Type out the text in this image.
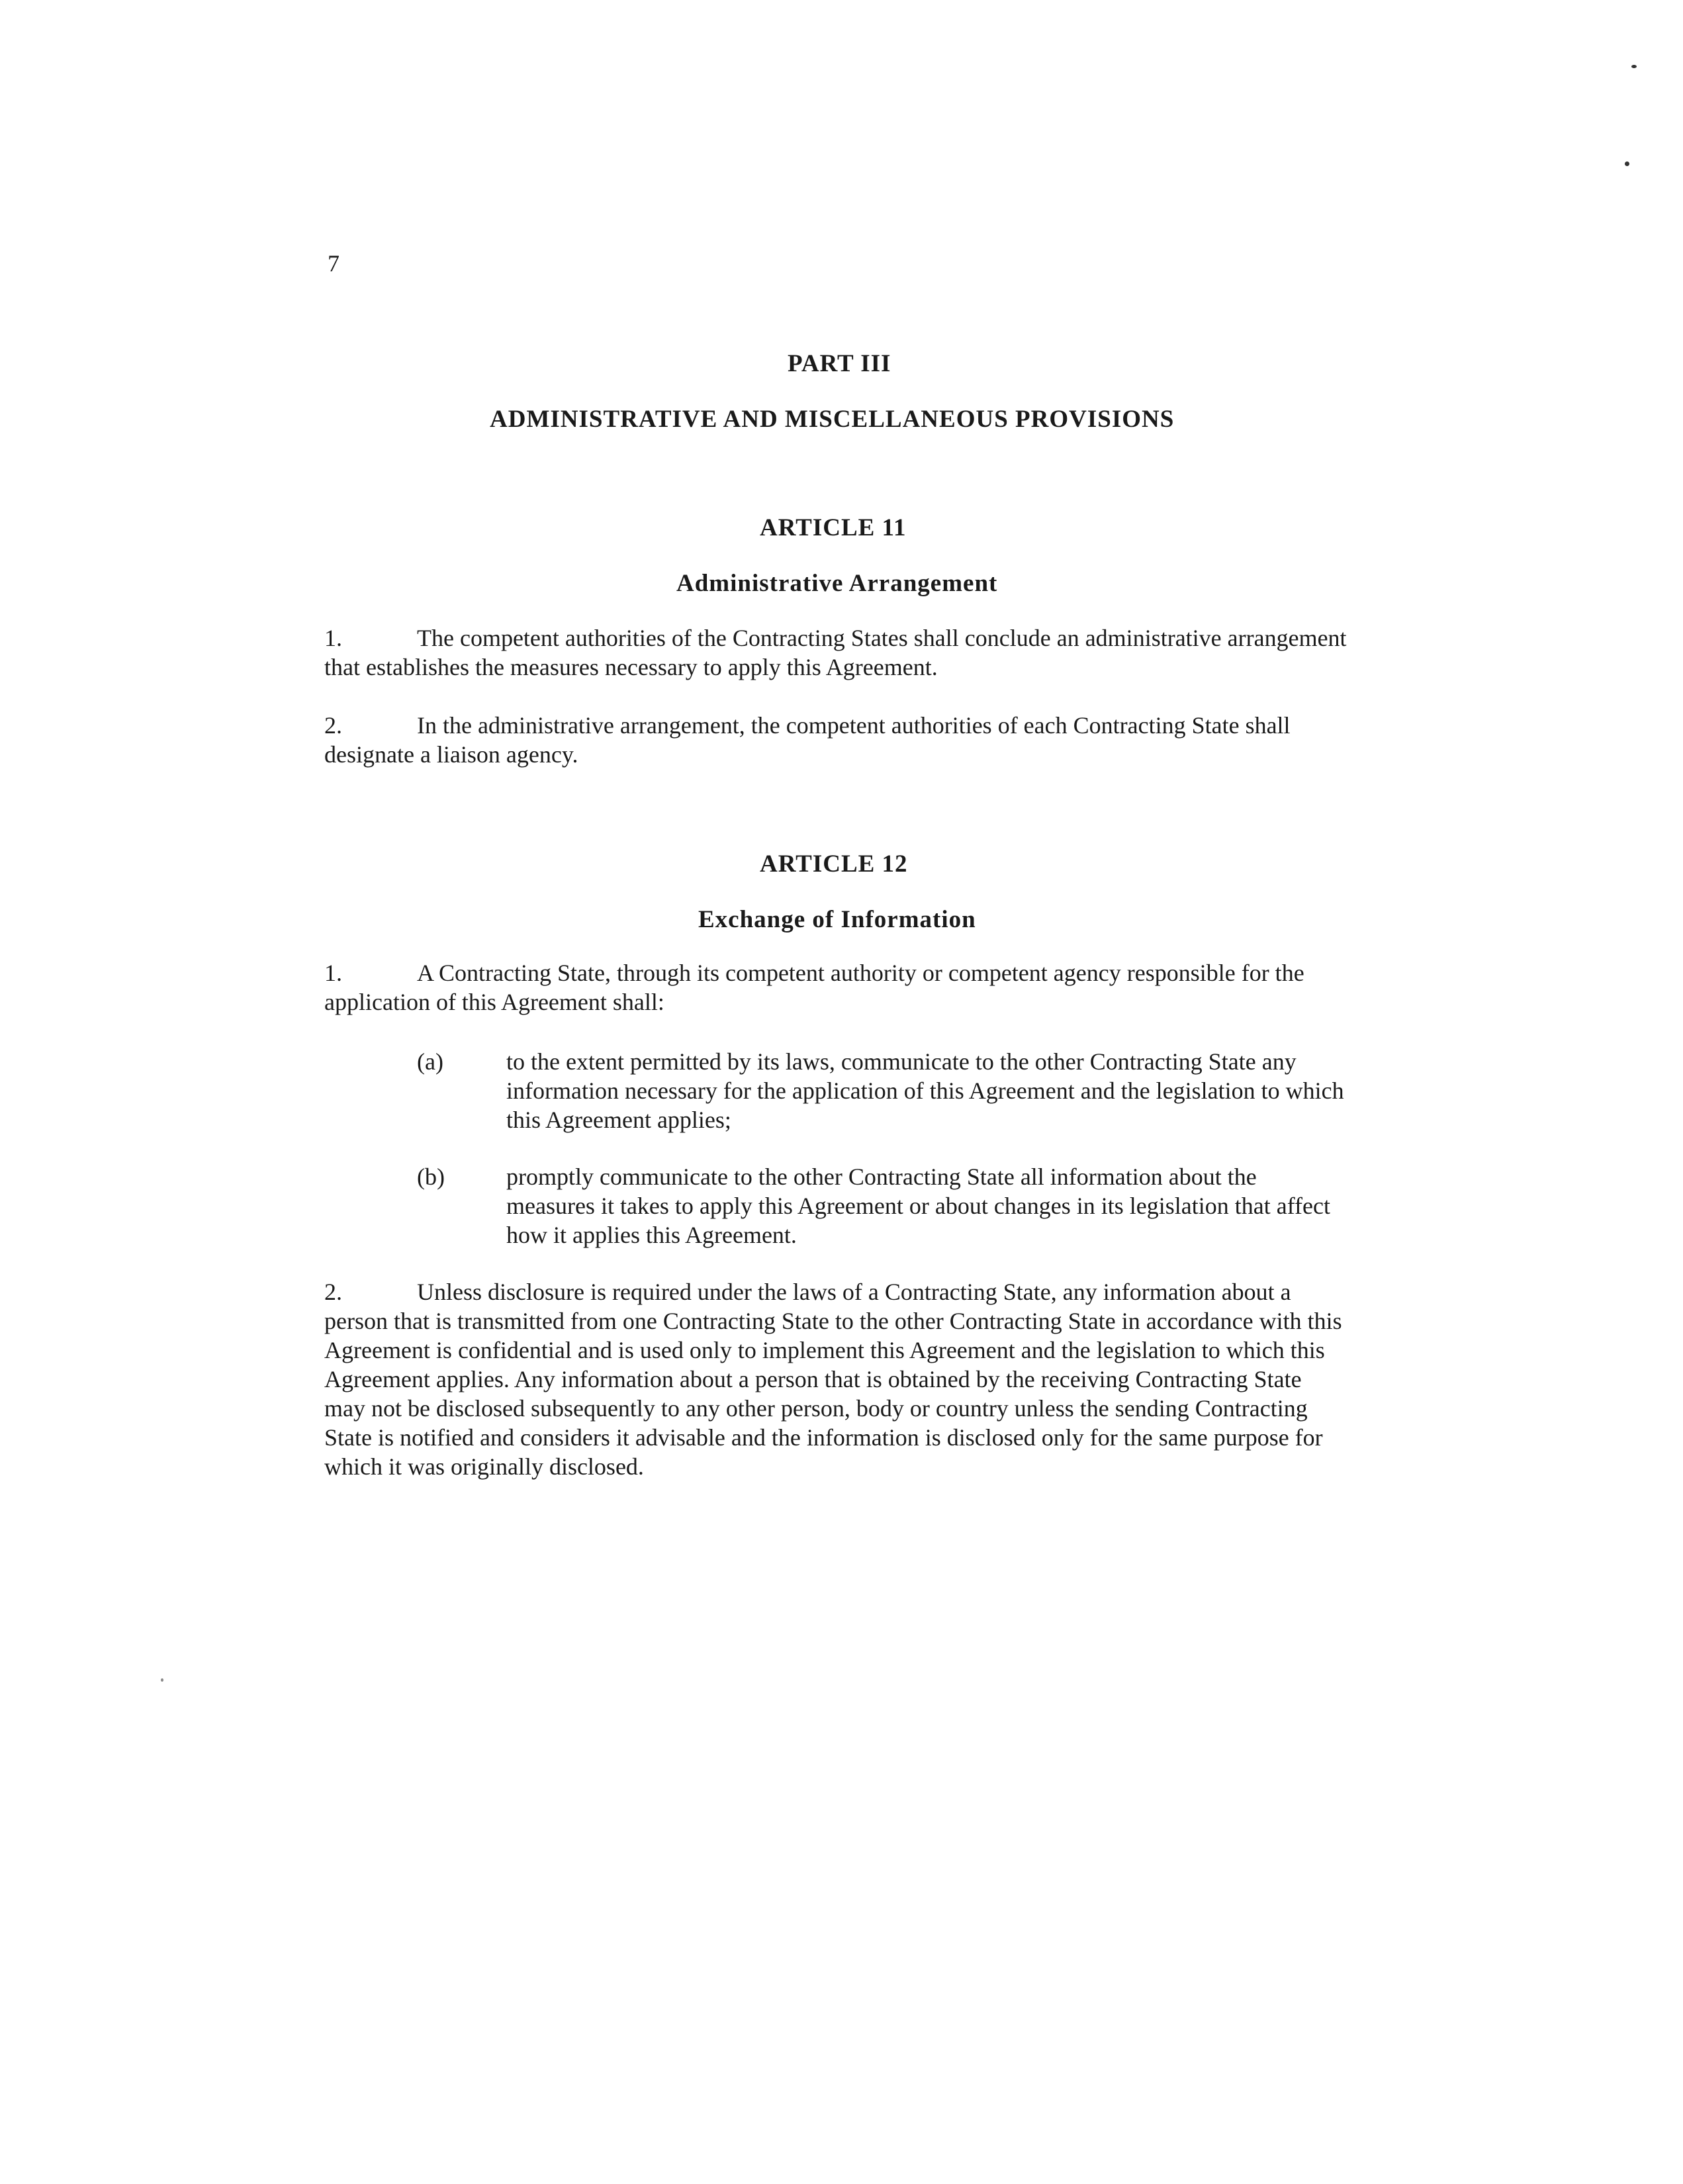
7
PART III
ADMINISTRATIVE AND MISCELLANEOUS PROVISIONS
ARTICLE 11
Administrative Arrangement
1.	The competent authorities of the Contracting States shall conclude an administrative arrangement that establishes the measures necessary to apply this Agreement.
2.	In the administrative arrangement, the competent authorities of each Contracting State shall designate a liaison agency.
ARTICLE 12
Exchange of Information
1.	A Contracting State, through its competent authority or competent agency responsible for the application of this Agreement shall:
(a)	to the extent permitted by its laws, communicate to the other Contracting State any information necessary for the application of this Agreement and the legislation to which this Agreement applies;
(b)	promptly communicate to the other Contracting State all information about the measures it takes to apply this Agreement or about changes in its legislation that affect how it applies this Agreement.
2.	Unless disclosure is required under the laws of a Contracting State, any information about a person that is transmitted from one Contracting State to the other Contracting State in accordance with this Agreement is confidential and is used only to implement this Agreement and the legislation to which this Agreement applies. Any information about a person that is obtained by the receiving Contracting State may not be disclosed subsequently to any other person, body or country unless the sending Contracting State is notified and considers it advisable and the information is disclosed only for the same purpose for which it was originally disclosed.
